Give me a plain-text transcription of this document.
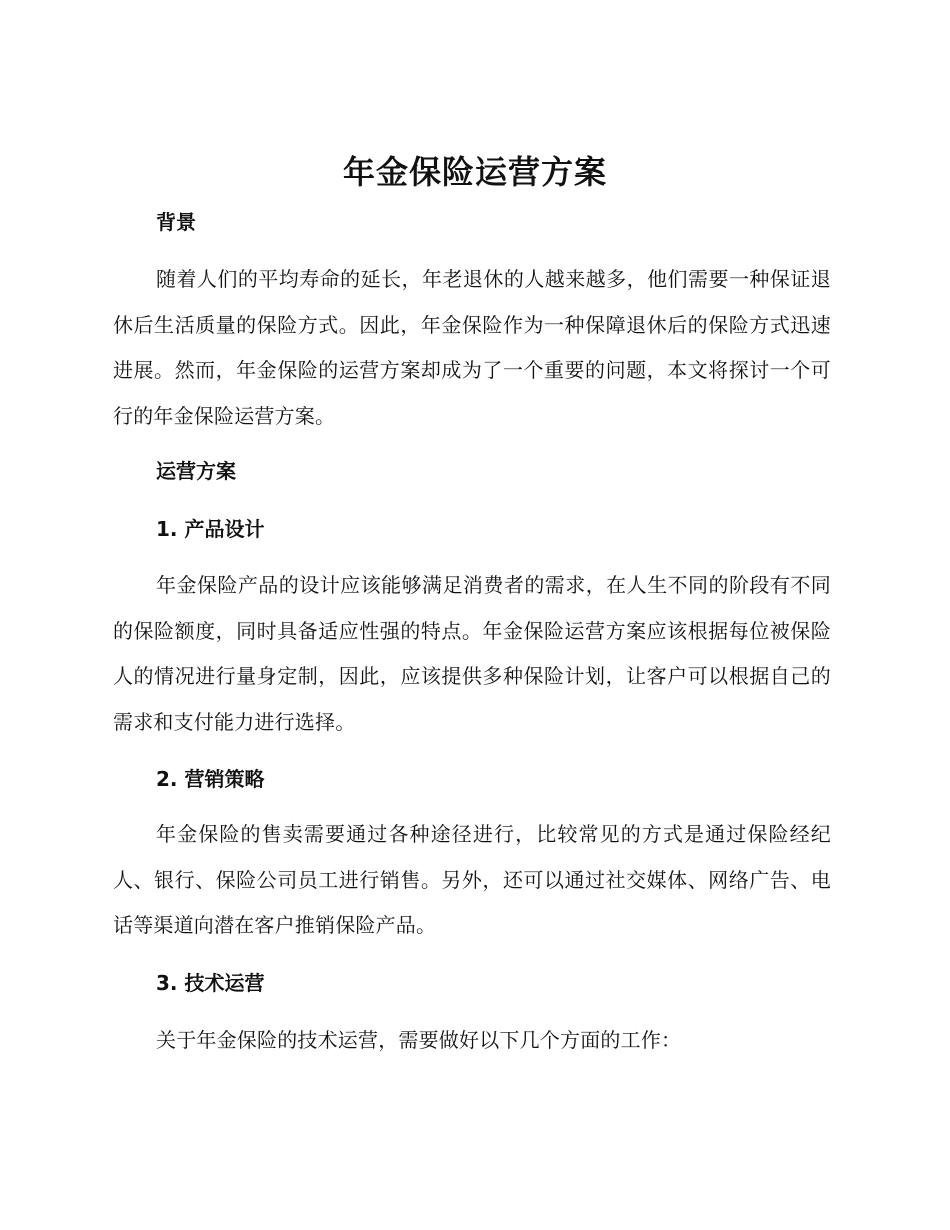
年金保险运营方案
背景

随着人们的平均寿命的延长，年老退休的人越来越多，他们需要一种保证退休后生活质量的保险方式。因此，年金保险作为一种保障退休后的保险方式迅速进展。然而，年金保险的运营方案却成为了一个重要的问题，本文将探讨一个可行的年金保险运营方案。

运营方案
1. 产品设计

年金保险产品的设计应该能够满足消费者的需求，在人生不同的阶段有不同的保险额度，同时具备适应性强的特点。年金保险运营方案应该根据每位被保险人的情况进行量身定制，因此，应该提供多种保险计划，让客户可以根据自己的需求和支付能力进行选择。

2. 营销策略

年金保险的售卖需要通过各种途径进行，比较常见的方式是通过保险经纪人、银行、保险公司员工进行销售。另外，还可以通过社交媒体、网络广告、电话等渠道向潜在客户推销保险产品。

3. 技术运营

关于年金保险的技术运营，需要做好以下几个方面的工作：
